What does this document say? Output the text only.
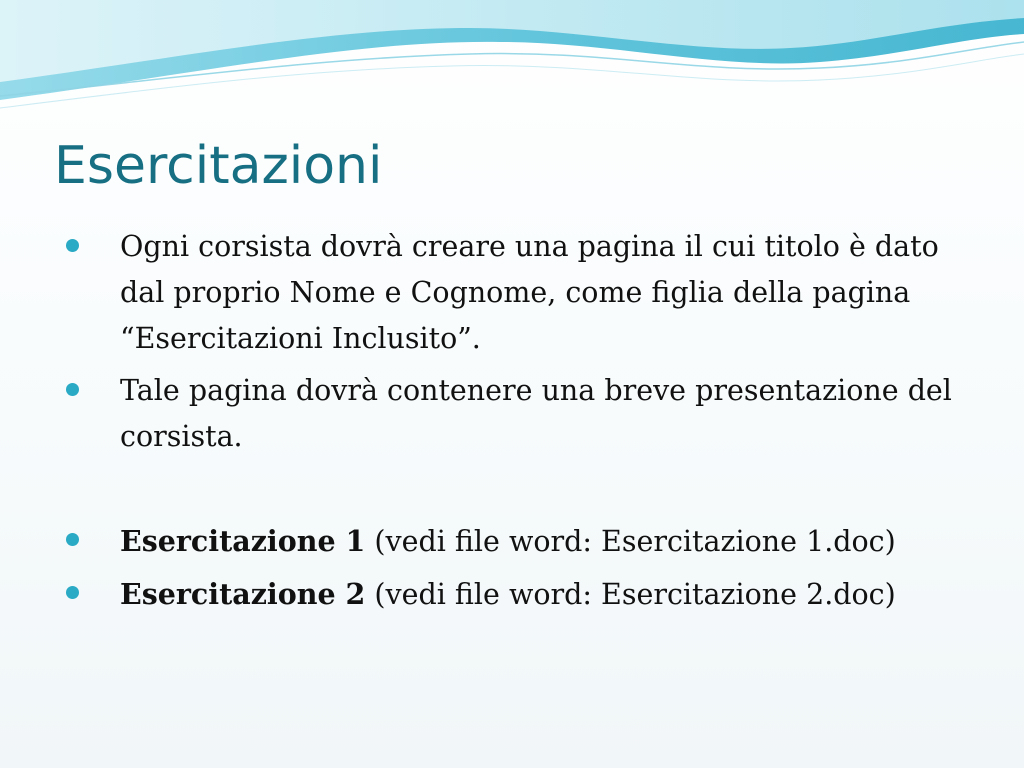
Esercitazioni
Ogni corsista dovrà creare una pagina il cui titolo è dato dal proprio Nome e Cognome, come figlia della pagina “Esercitazioni Inclusito”.
Tale pagina dovrà contenere una breve presentazione del corsista.
Esercitazione 1 (vedi file word: Esercitazione 1.doc)
Esercitazione 2 (vedi file word: Esercitazione 2.doc)
